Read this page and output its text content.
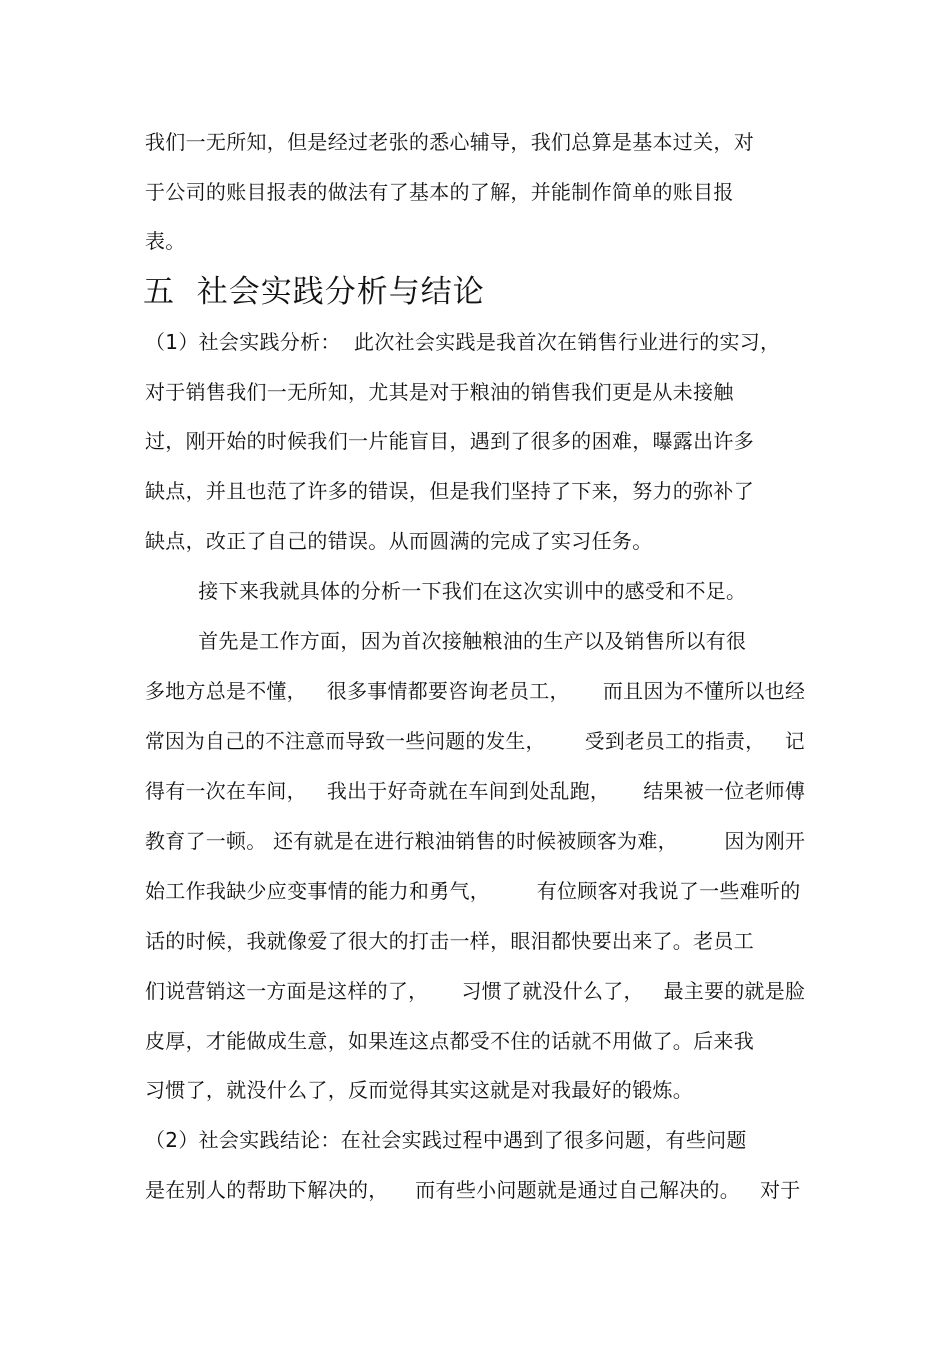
我们一无所知，但是经过老张的悉心辅导，我们总算是基本过关，对
于公司的账目报表的做法有了基本的了解，并能制作简单的账目报
表。
五  社会实践分析与结论
（1）社会实践分析：  此次社会实践是我首次在销售行业进行的实习，
对于销售我们一无所知，尤其是对于粮油的销售我们更是从未接触
过，刚开始的时候我们一片能盲目，遇到了很多的困难，曝露出许多
缺点，并且也范了许多的错误，但是我们坚持了下来，努力的弥补了
缺点，改正了自己的错误。从而圆满的完成了实习任务。
接下来我就具体的分析一下我们在这次实训中的感受和不足。
首先是工作方面，因为首次接触粮油的生产以及销售所以有很
多地方总是不懂，   很多事情都要咨询老员工，     而且因为不懂所以也经
常因为自己的不注意而导致一些问题的发生，      受到老员工的指责，   记
得有一次在车间，   我出于好奇就在车间到处乱跑，     结果被一位老师傅
教育了一顿。 还有就是在进行粮油销售的时候被顾客为难，       因为刚开
始工作我缺少应变事情的能力和勇气，       有位顾客对我说了一些难听的
话的时候，我就像爱了很大的打击一样，眼泪都快要出来了。老员工
们说营销这一方面是这样的了，     习惯了就没什么了，   最主要的就是脸
皮厚，才能做成生意，如果连这点都受不住的话就不用做了。后来我
习惯了，就没什么了，反而觉得其实这就是对我最好的锻炼。
（2）社会实践结论：在社会实践过程中遇到了很多问题，有些问题
是在别人的帮助下解决的，    而有些小问题就是通过自己解决的。   对于
